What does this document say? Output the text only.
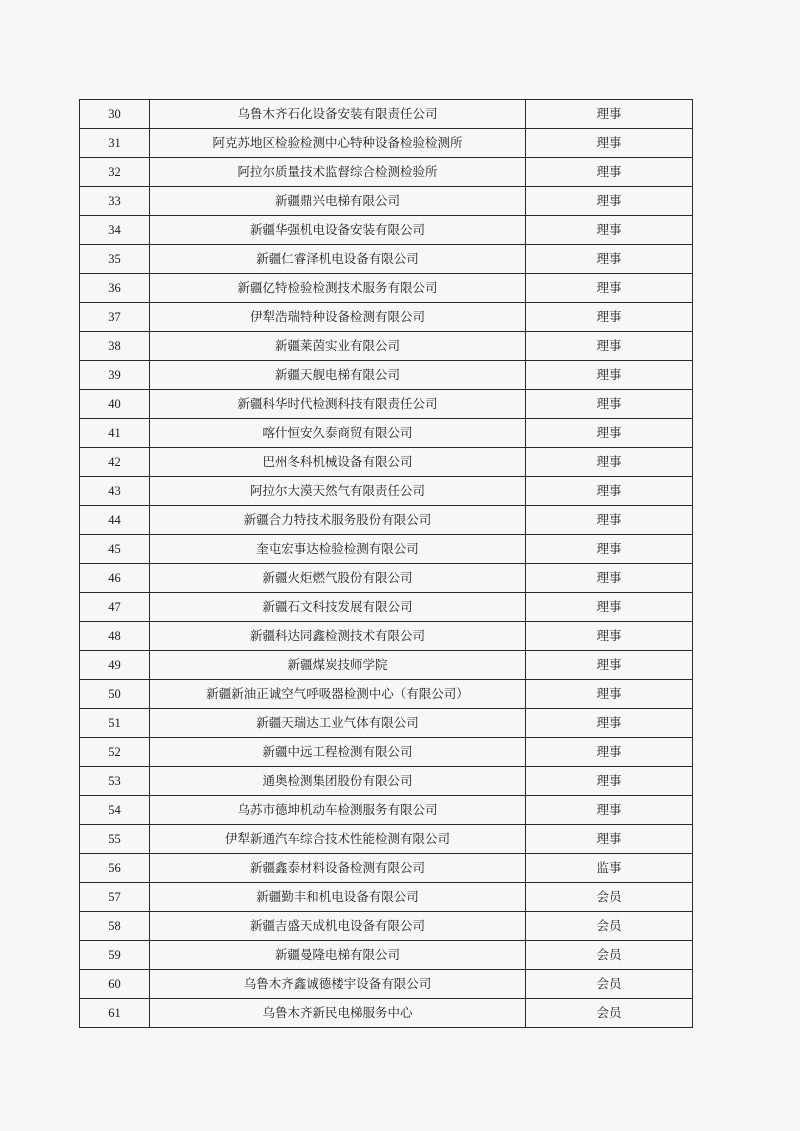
30	乌鲁木齐石化设备安装有限责任公司	理事
31	阿克苏地区检验检测中心特种设备检验检测所	理事
32	阿拉尔质量技术监督综合检测检验所	理事
33	新疆鼎兴电梯有限公司	理事
34	新疆华强机电设备安装有限公司	理事
35	新疆仁睿泽机电设备有限公司	理事
36	新疆亿特检验检测技术服务有限公司	理事
37	伊犁浩瑞特种设备检测有限公司	理事
38	新疆莱茵实业有限公司	理事
39	新疆天舰电梯有限公司	理事
40	新疆科华时代检测科技有限责任公司	理事
41	喀什恒安久泰商贸有限公司	理事
42	巴州冬科机械设备有限公司	理事
43	阿拉尔大漠天然气有限责任公司	理事
44	新疆合力特技术服务股份有限公司	理事
45	奎屯宏事达检验检测有限公司	理事
46	新疆火炬燃气股份有限公司	理事
47	新疆石文科技发展有限公司	理事
48	新疆科达同鑫检测技术有限公司	理事
49	新疆煤炭技师学院	理事
50	新疆新油正诚空气呼吸器检测中心（有限公司）	理事
51	新疆天瑞达工业气体有限公司	理事
52	新疆中远工程检测有限公司	理事
53	通奥检测集团股份有限公司	理事
54	乌苏市德坤机动车检测服务有限公司	理事
55	伊犁新通汽车综合技术性能检测有限公司	理事
56	新疆鑫泰材料设备检测有限公司	监事
57	新疆勤丰和机电设备有限公司	会员
58	新疆吉盛天成机电设备有限公司	会员
59	新疆曼隆电梯有限公司	会员
60	乌鲁木齐鑫诚德楼宇设备有限公司	会员
61	乌鲁木齐新民电梯服务中心	会员
